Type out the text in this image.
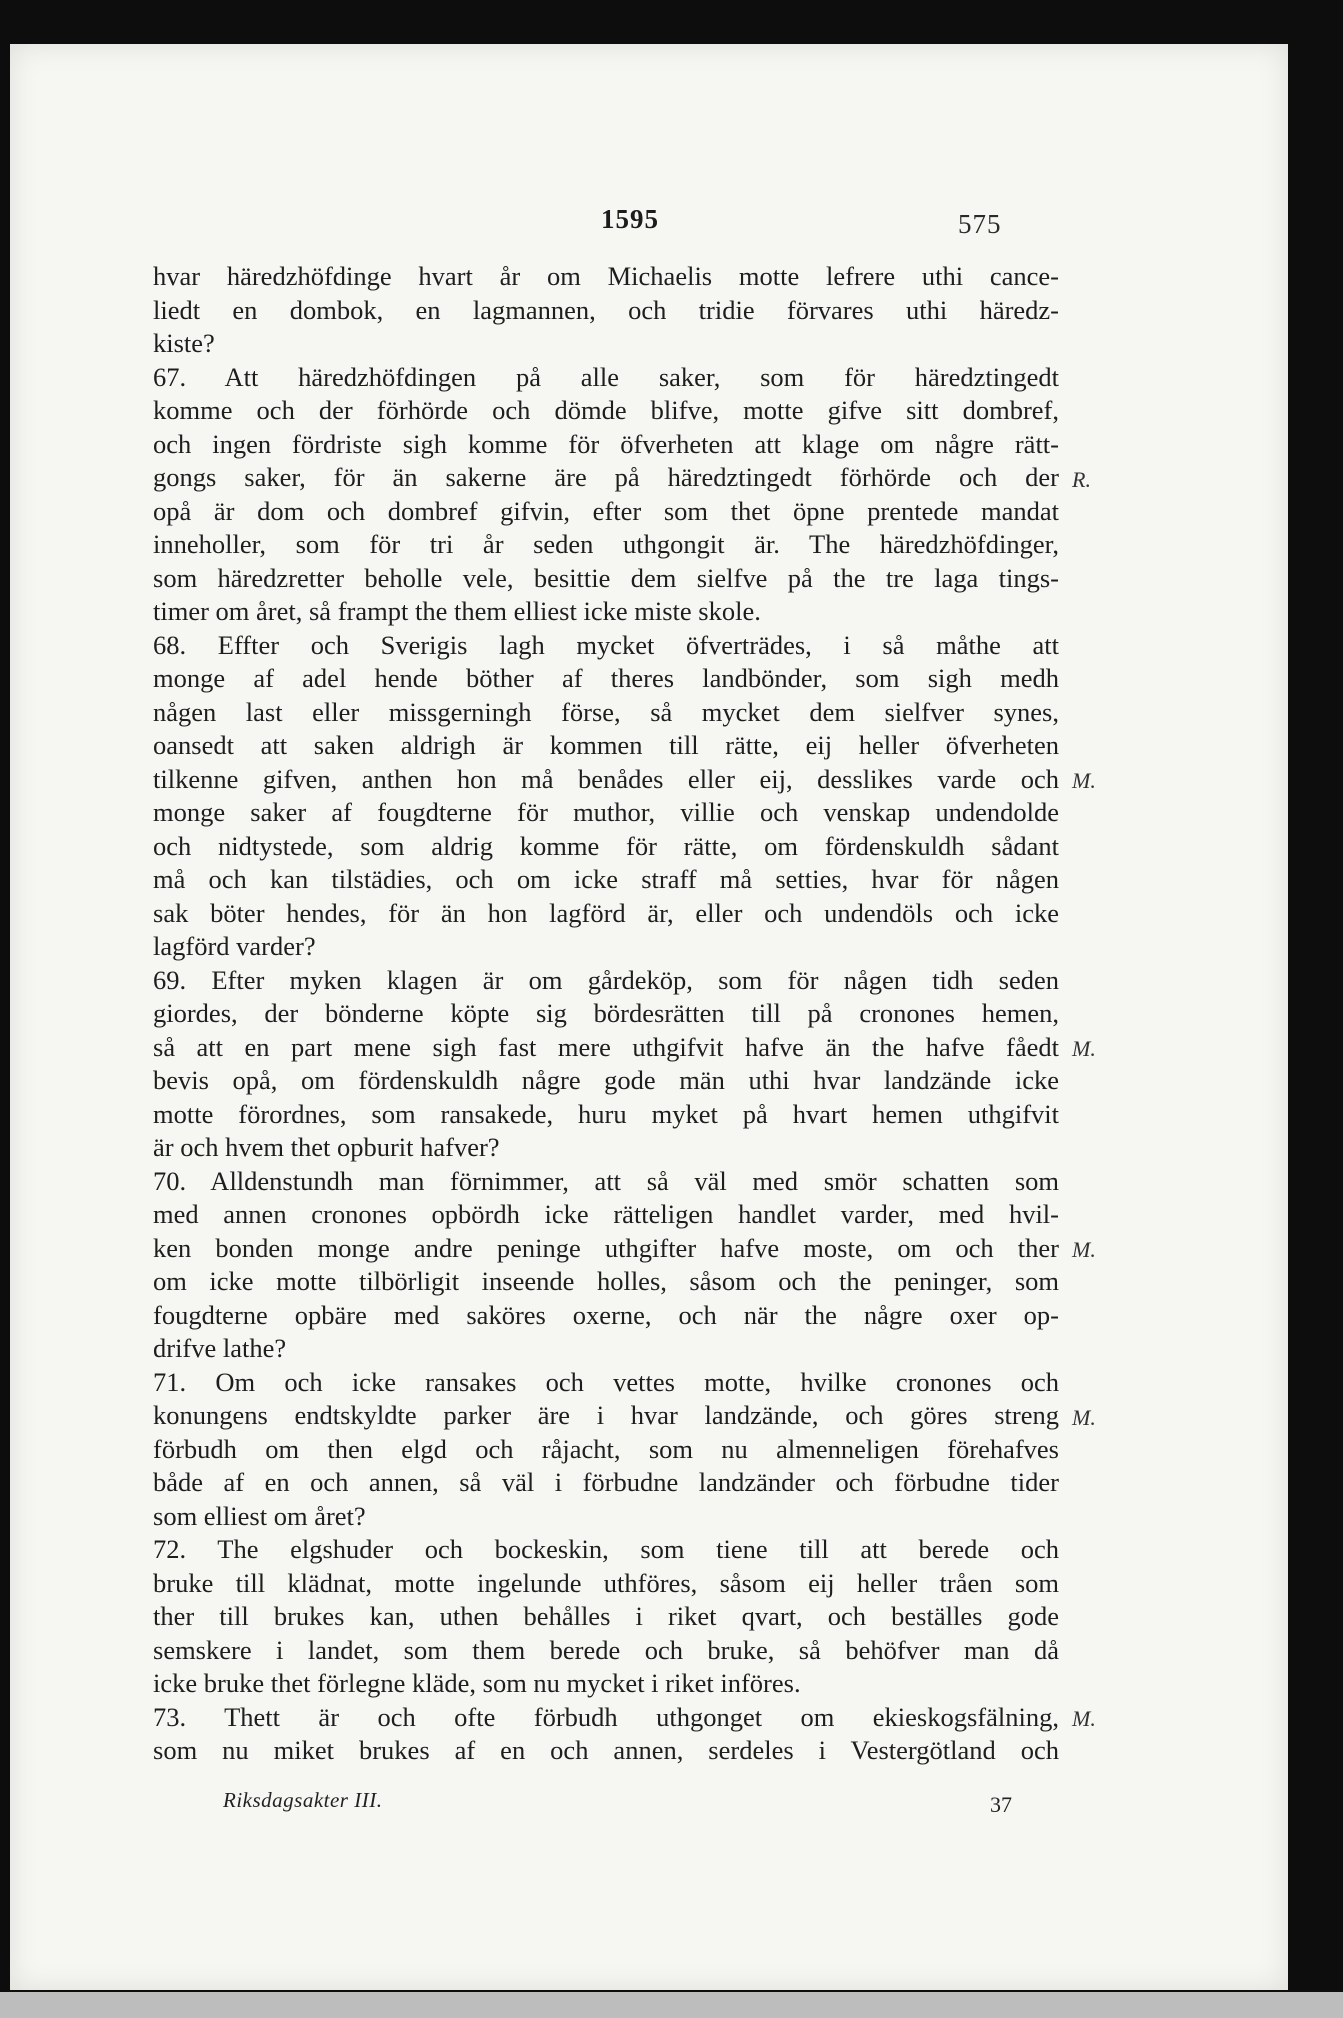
1595	575
hvar häredzhöfdinge hvart år om Michaelis motte lefrere uthi cance-
liedt en dombok, en lagmannen, och tridie förvares uthi häredz-
kiste?
67. Att häredzhöfdingen på alle saker, som för häredztingedt
komme och der förhörde och dömde blifve, motte gifve sitt dombref,
och ingen fördriste sigh komme för öfverheten att klage om någre rätt-
gongs saker, för än sakerne äre på häredztingedt förhörde och der
opå är dom och dombref gifvin, efter som thet öpne prentede mandat
inneholler, som för tri år seden uthgongit är. The häredzhöfdinger,
som häredzretter beholle vele, besittie dem sielfve på the tre laga tings-
timer om året, så frampt the them elliest icke miste skole.
68. Effter och Sverigis lagh mycket öfverträdes, i så måthe att
monge af adel hende böther af theres landbönder, som sigh medh
någen last eller missgerningh förse, så mycket dem sielfver synes,
oansedt att saken aldrigh är kommen till rätte, eij heller öfverheten
tilkenne gifven, anthen hon må benådes eller eij, desslikes varde och
monge saker af fougdterne för muthor, villie och venskap undendolde
och nidtystede, som aldrig komme för rätte, om fördenskuldh sådant
må och kan tilstädies, och om icke straff må setties, hvar för någen
sak böter hendes, för än hon lagförd är, eller och undendöls och icke
lagförd varder?
69. Efter myken klagen är om gårdeköp, som för någen tidh seden
giordes, der bönderne köpte sig bördesrätten till på cronones hemen,
så att en part mene sigh fast mere uthgifvit hafve än the hafve fåedt
bevis opå, om fördenskuldh någre gode män uthi hvar landzände icke
motte förordnes, som ransakede, huru myket på hvart hemen uthgifvit
är och hvem thet opburit hafver?
70. Alldenstundh man förnimmer, att så väl med smör schatten som
med annen cronones opbördh icke rätteligen handlet varder, med hvil-
ken bonden monge andre peninge uthgifter hafve moste, om och ther
om icke motte tilbörligit inseende holles, såsom och the peninger, som
fougdterne opbäre med saköres oxerne, och när the någre oxer op-
drifve lathe?
71. Om och icke ransakes och vettes motte, hvilke cronones och
konungens endtskyldte parker äre i hvar landzände, och göres streng
förbudh om then elgd och råjacht, som nu almenneligen förehafves
både af en och annen, så väl i förbudne landzänder och förbudne tider
som elliest om året?
72. The elgshuder och bockeskin, som tiene till att berede och
bruke till klädnat, motte ingelunde uthföres, såsom eij heller tråen som
ther till brukes kan, uthen behålles i riket qvart, och beställes gode
semskere i landet, som them berede och bruke, så behöfver man då
icke bruke thet förlegne kläde, som nu mycket i riket införes.
73. Thett är och ofte förbudh uthgonget om ekieskogsfälning,
som nu miket brukes af en och annen, serdeles i Vestergötland och
R.
M.
M.
M.
M.
M.
Riksdagsakter III.	37
